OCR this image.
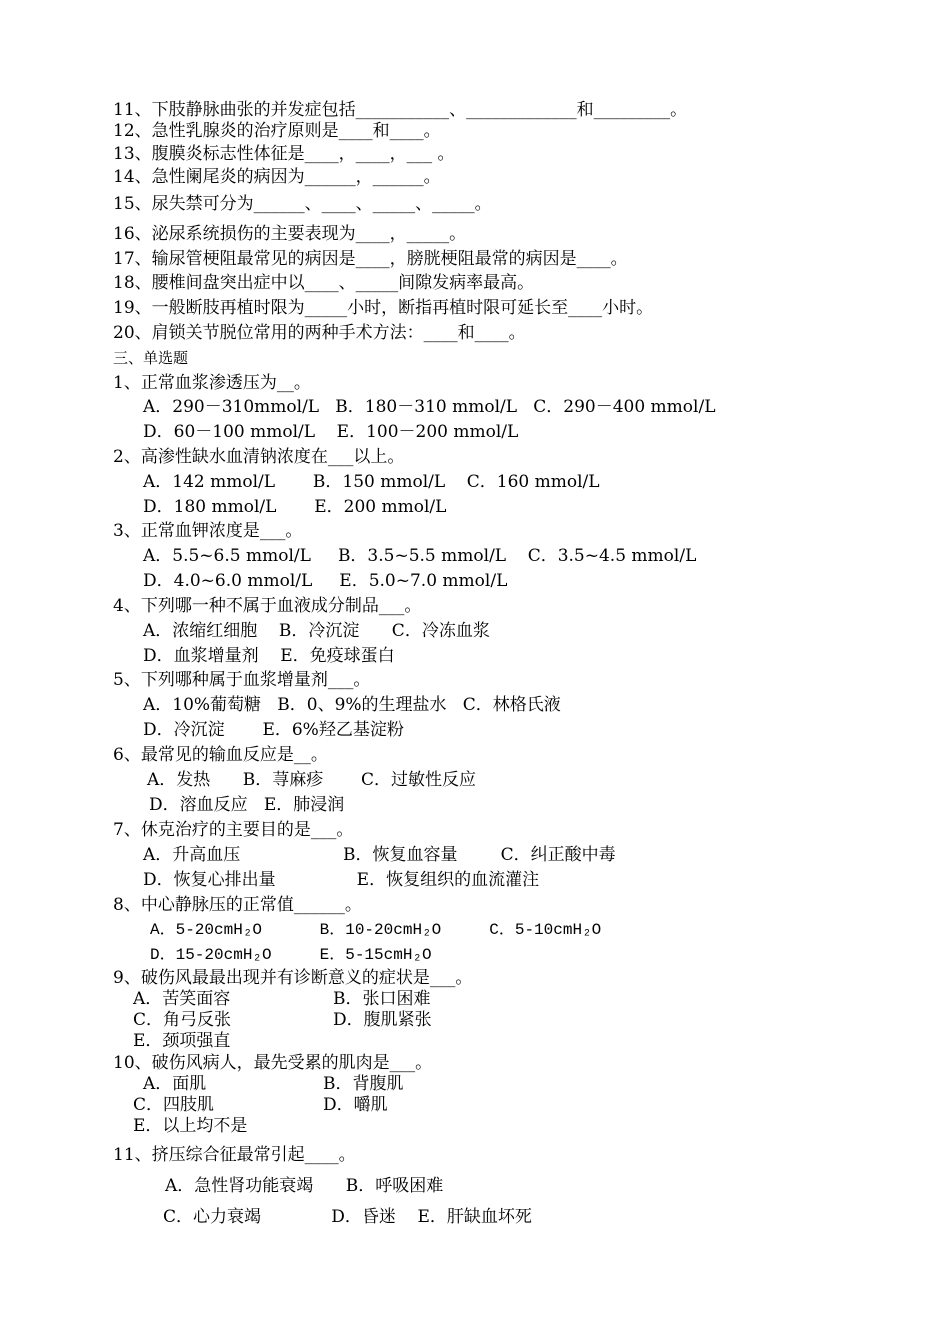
11、下肢静脉曲张的并发症包括___________、_____________和_________。
12、急性乳腺炎的治疗原则是____和____。
13、腹膜炎标志性体征是____，____，___ 。
14、急性阑尾炎的病因为______，______。
15、尿失禁可分为______、____、_____、_____。
16、泌尿系统损伤的主要表现为____，_____。
17、输尿管梗阻最常见的病因是____，膀胱梗阻最常的病因是____。
18、腰椎间盘突出症中以____、_____间隙发病率最高。
19、一般断肢再植时限为_____小时，断指再植时限可延长至____小时。
20、肩锁关节脱位常用的两种手术方法：____和____。
三、单选题
1、正常血浆渗透压为__。
A．290－310mmol/L   B．180－310 mmol/L   C．290－400 mmol/L
D．60－100 mmol/L    E．100－200 mmol/L
2、高渗性缺水血清钠浓度在___以上。
A．142 mmol/L       B．150 mmol/L    C．160 mmol/L
D．180 mmol/L       E．200 mmol/L
3、正常血钾浓度是___。
A．5.5~6.5 mmol/L     B．3.5~5.5 mmol/L    C．3.5~4.5 mmol/L
D．4.0~6.0 mmol/L     E．5.0~7.0 mmol/L
4、下列哪一种不属于血液成分制品___。
A．浓缩红细胞    B．冷沉淀      C．冷冻血浆
D．血浆增量剂    E．免疫球蛋白
5、下列哪种属于血浆增量剂___。
A．10%葡萄糖   B．0、9%的生理盐水   C．林格氏液
D．冷沉淀       E．6%羟乙基淀粉
6、最常见的输血反应是__。
A．发热      B．荨麻疹       C．过敏性反应
D．溶血反应   E．肺浸润
7、休克治疗的主要目的是___。
A．升高血压                   B．恢复血容量        C．纠正酸中毒
D．恢复心排出量               E．恢复组织的血流灌注
8、中心静脉压的正常值______。
A．5-20cmH₂O      B．10-20cmH₂O     C．5-10cmH₂O
D．15-20cmH₂O     E．5-15cmH₂O
9、破伤风最最出现并有诊断意义的症状是___。
A．苦笑面容	B．张口困难
C．角弓反张	D．腹肌紧张
E．颈项强直
10、破伤风病人，最先受累的肌肉是___。
A．面肌	B．背腹肌
C．四肢肌	D．嚼肌
E．以上均不是
11、挤压综合征最常引起____。
A．急性肾功能衰竭      B．呼吸困难
C．心力衰竭             D．昏迷    E．肝缺血坏死
